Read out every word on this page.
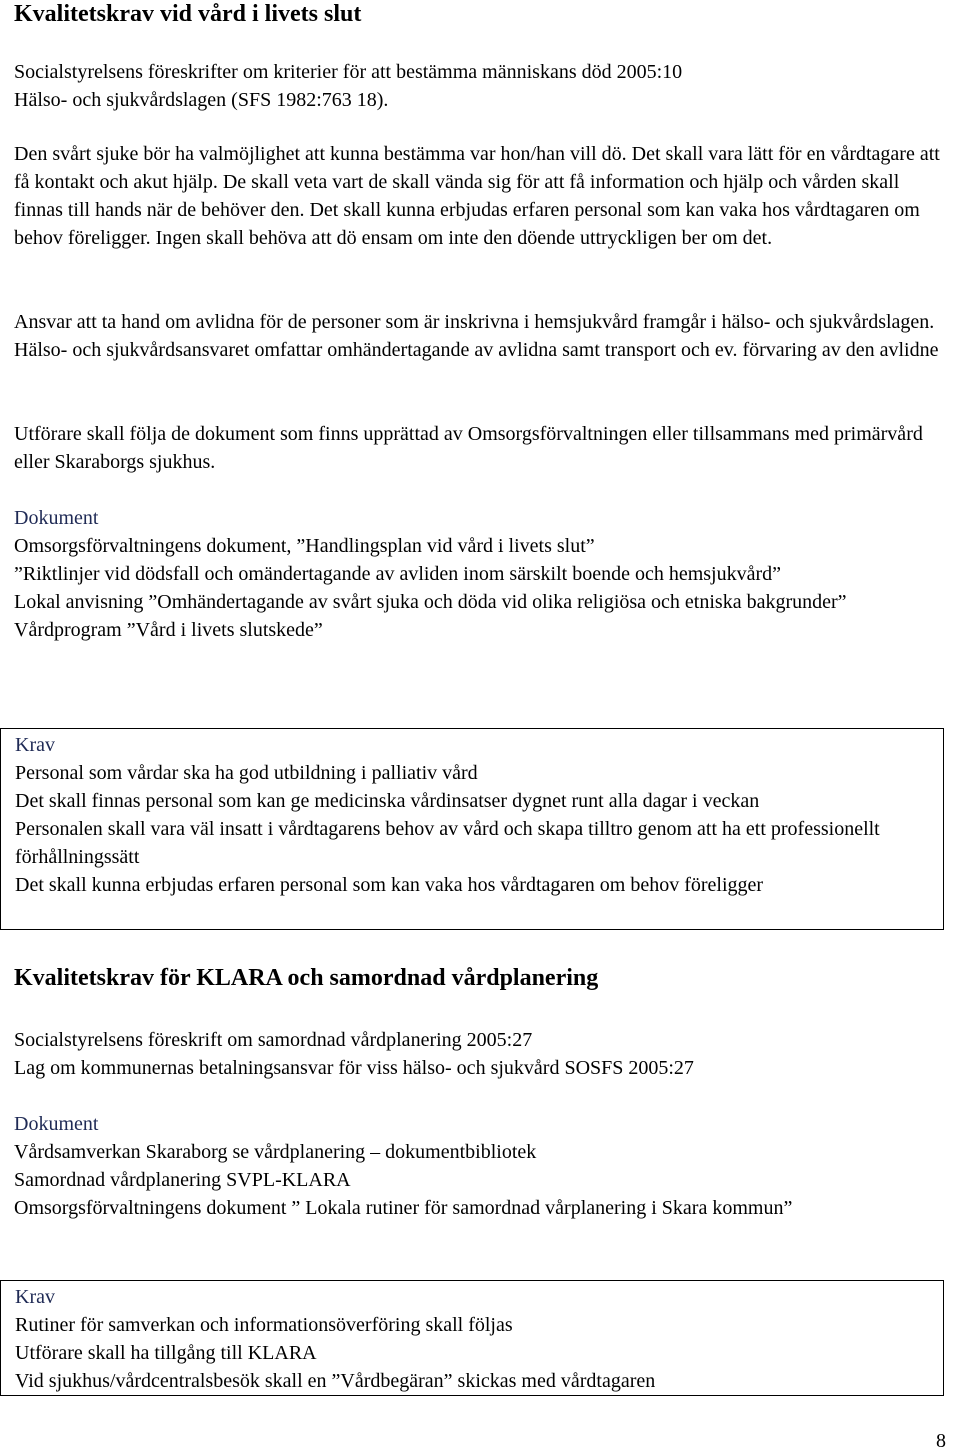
Kvalitetskrav vid vård i livets slut

Socialstyrelsens föreskrifter om kriterier för att bestämma människans död 2005:10

Hälso- och sjukvårdslagen (SFS 1982:763 18).

Den svårt sjuke bör ha valmöjlighet att kunna bestämma var hon/han vill dö. Det skall vara lätt för en vårdtagare att få kontakt och akut hjälp. De skall veta vart de skall vända sig för att få information och hjälp och vården skall finnas till hands när de behöver den. Det skall kunna erbjudas erfaren personal som kan vaka hos vårdtagaren om behov föreligger. Ingen skall behöva att dö ensam om inte den döende uttryckligen ber om det.

Ansvar att ta hand om avlidna för de personer som är inskrivna i hemsjukvård framgår i hälso- och sjukvårdslagen. Hälso- och sjukvårdsansvaret omfattar omhändertagande av avlidna samt transport och ev. förvaring av den avlidne

Utförare skall följa de dokument som finns upprättad av Omsorgsförvaltningen eller tillsammans med primärvård eller Skaraborgs sjukhus.

Dokument

Omsorgsförvaltningens dokument, ”Handlingsplan vid vård i livets slut”

”Riktlinjer vid dödsfall och omändertagande av avliden inom särskilt boende och hemsjukvård”

Lokal anvisning ”Omhändertagande av svårt sjuka och döda vid olika religiösa och etniska bakgrunder”

Vårdprogram ”Vård i livets slutskede”

Krav

Personal som vårdar ska ha god utbildning i palliativ vård

Det skall finnas personal som kan ge medicinska vårdinsatser dygnet runt alla dagar i veckan

Personalen skall vara väl insatt i vårdtagarens behov av vård och skapa tilltro genom att ha ett professionellt förhållningssätt

Det skall kunna erbjudas erfaren personal som kan vaka hos vårdtagaren om behov föreligger

Kvalitetskrav för KLARA och samordnad vårdplanering

Socialstyrelsens föreskrift om samordnad vårdplanering 2005:27

Lag om kommunernas betalningsansvar för viss hälso- och sjukvård SOSFS 2005:27

Dokument

Vårdsamverkan Skaraborg se vårdplanering – dokumentbibliotek

Samordnad vårdplanering SVPL-KLARA

Omsorgsförvaltningens dokument ” Lokala rutiner för samordnad vårplanering i Skara kommun”

Krav

Rutiner för samverkan och informationsöverföring skall följas

Utförare skall ha tillgång till KLARA

Vid sjukhus/vårdcentralsbesök skall en ”Vårdbegäran” skickas med vårdtagaren

8
